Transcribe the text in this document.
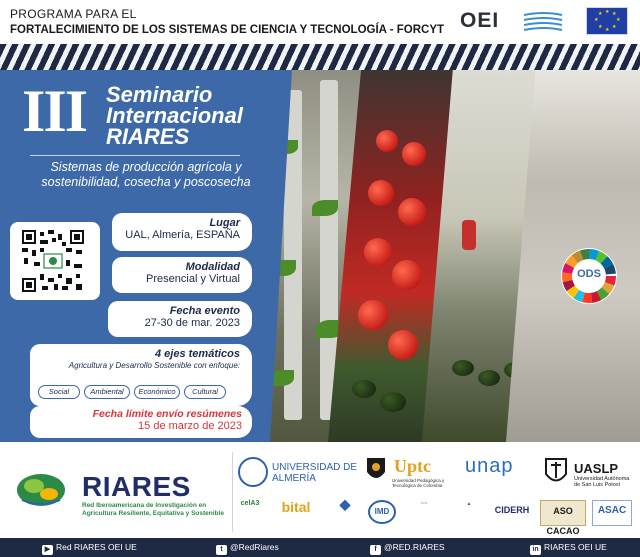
PROGRAMA PARA EL
FORTALECIMIENTO DE LOS SISTEMAS DE CIENCIA Y TECNOLOGÍA - FORCYT OEI	★ ★
★
★
★
★
★
★
ODS
III Seminario
Internacional
RIARES
Sistemas de producción agrícola y sostenibilidad, cosecha y poscosecha
Lugar
UAL, Almería, ESPAÑA
Modalidad
Presencial y Virtual
Fecha evento
27-30 de mar. 2023
4 ejes temáticos
Agricultura y Desarrollo Sostenible con enfoque:
Social	Ambiental	Económico	Cultural
Fecha límite envío resúmenes
15 de marzo de 2023
RIARES
Red Iberoamericana de Investigación en Agricultura Resiliente, Equitativa y Sostenible
UNIVERSIDAD DE ALMERÍA
Uptc
Universidad Pedagógica y Tecnológica de Colombia
unap	UASLP
Universidad Autónoma de San Luis Potosí
celA3	bital	◆	IMD
~~	▲
CIDERH	ASO CACAO
ASAC
▶ Red RIARES OEI UE	t @RedRiares	f @RED.RIARES	in RIARES OEI UE
